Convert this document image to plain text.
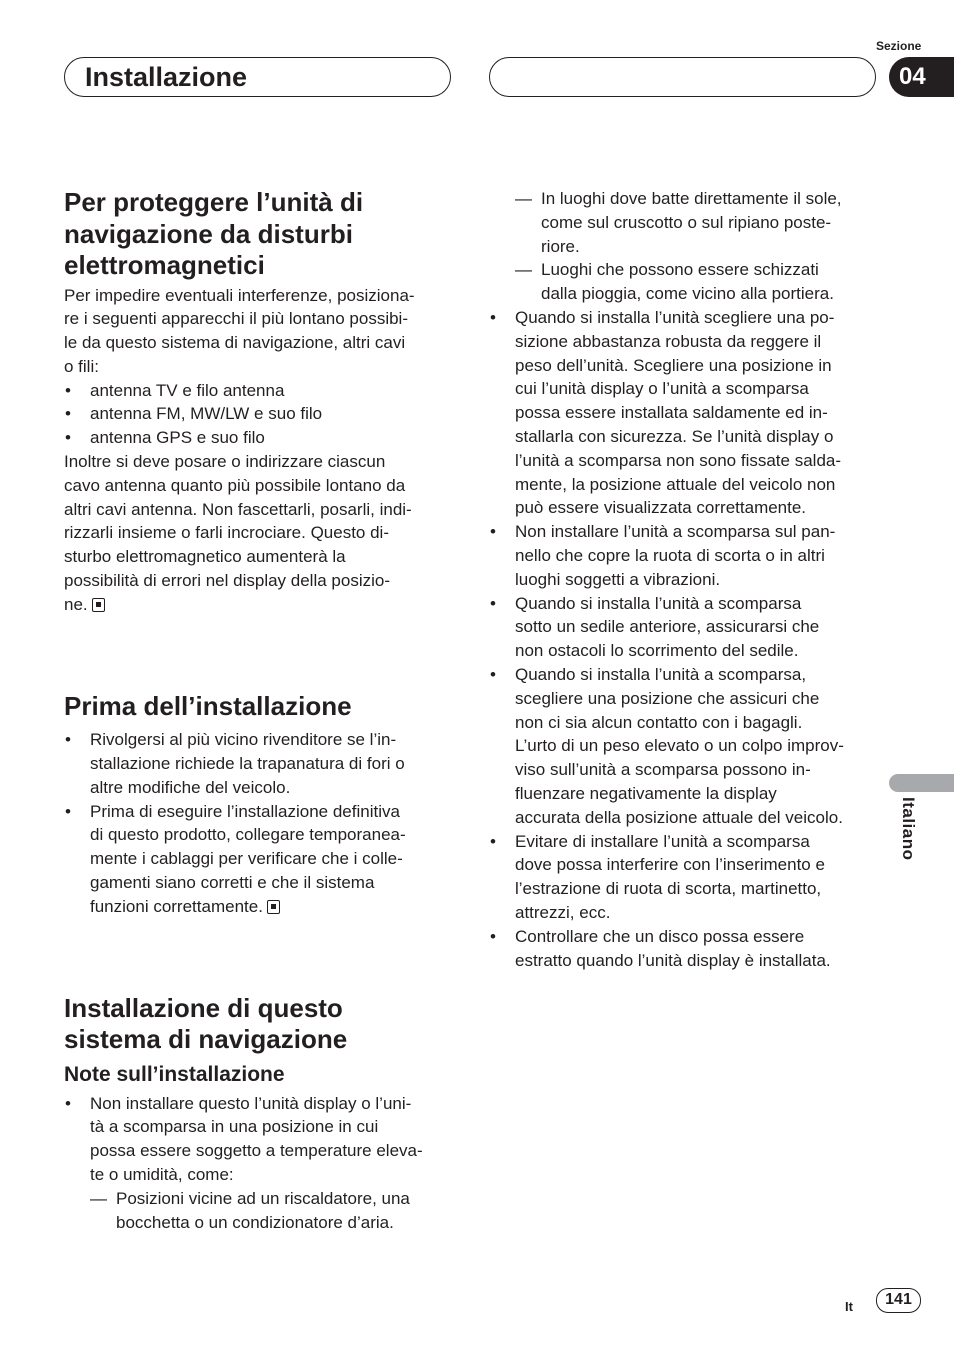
Installazione
Sezione
04
Italiano
Per proteggere l’unità di
navigazione da disturbi
elettromagnetici

Per impedire eventuali interferenze, posiziona-
re i seguenti apparecchi il più lontano possibi-
le da questo sistema di navigazione, altri cavi
o fili:

• antenna TV e filo antenna
• antenna FM, MW/LW e suo filo
• antenna GPS e suo filo

Inoltre si deve posare o indirizzare ciascun
cavo antenna quanto più possibile lontano da
altri cavi antenna. Non fascettarli, posarli, indi-
rizzarli insieme o farli incrociare. Questo di-
sturbo elettromagnetico aumenterà la
possibilità di errori nel display della posizio-
ne.

Prima dell’installazione
• Rivolgersi al più vicino rivenditore se l’in-
stallazione richiede la trapanatura di fori o
altre modifiche del veicolo.
• Prima di eseguire l’installazione definitiva
di questo prodotto, collegare temporanea-
mente i cablaggi per verificare che i colle-
gamenti siano corretti e che il sistema
funzioni correttamente.
Installazione di questo
sistema di navigazione
Note sull’installazione
• Non installare questo l’unità display o l’uni-
tà a scomparsa in una posizione in cui
possa essere soggetto a temperature eleva-
te o umidità, come:
— Posizioni vicine ad un riscaldatore, una
bocchetta o un condizionatore d’aria.
— In luoghi dove batte direttamente il sole,
come sul cruscotto o sul ripiano poste-
riore.
— Luoghi che possono essere schizzati
dalla pioggia, come vicino alla portiera.
• Quando si installa l’unità scegliere una po-
sizione abbastanza robusta da reggere il
peso dell’unità. Scegliere una posizione in
cui l’unità display o l’unità a scomparsa
possa essere installata saldamente ed in-
stallarla con sicurezza. Se l’unità display o
l’unità a scomparsa non sono fissate salda-
mente, la posizione attuale del veicolo non
può essere visualizzata correttamente.
• Non installare l’unità a scomparsa sul pan-
nello che copre la ruota di scorta o in altri
luoghi soggetti a vibrazioni.
• Quando si installa l’unità a scomparsa
sotto un sedile anteriore, assicurarsi che
non ostacoli lo scorrimento del sedile.
• Quando si installa l’unità a scomparsa,
scegliere una posizione che assicuri che
non ci sia alcun contatto con i bagagli.
L’urto di un peso elevato o un colpo improv-
viso sull’unità a scomparsa possono in-
fluenzare negativamente la display
accurata della posizione attuale del veicolo.
• Evitare di installare l’unità a scomparsa
dove possa interferire con l’inserimento e
l’estrazione di ruota di scorta, martinetto,
attrezzi, ecc.
• Controllare che un disco possa essere
estratto quando l’unità display è installata.
It	141
